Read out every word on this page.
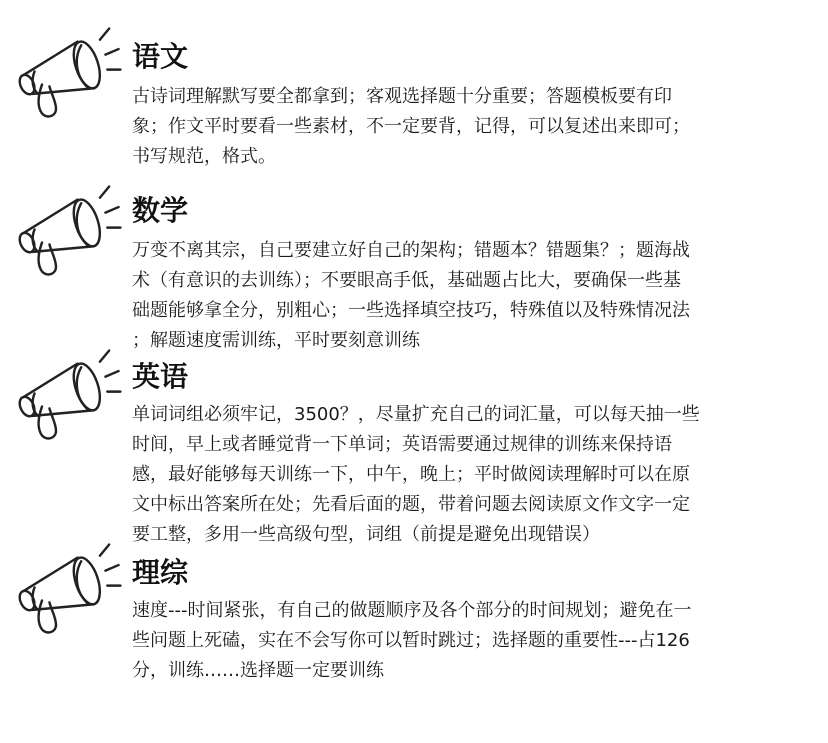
语文

古诗词理解默写要全都拿到；客观选择题十分重要；答题模板要有印
象；作文平时要看一些素材，不一定要背，记得，可以复述出来即可；
书写规范，格式。

数学

万变不离其宗，自己要建立好自己的架构；错题本？错题集？；题海战
术（有意识的去训练）；不要眼高手低，基础题占比大，要确保一些基
础题能够拿全分，别粗心；一些选择填空技巧，特殊值以及特殊情况法
；解题速度需训练，平时要刻意训练

英语

单词词组必须牢记，3500？，尽量扩充自己的词汇量，可以每天抽一些
时间，早上或者睡觉背一下单词；英语需要通过规律的训练来保持语
感，最好能够每天训练一下，中午，晚上；平时做阅读理解时可以在原
文中标出答案所在处；先看后面的题，带着问题去阅读原文作文字一定
要工整，多用一些高级句型，词组（前提是避免出现错误）

理综

速度---时间紧张，有自己的做题顺序及各个部分的时间规划；避免在一
些问题上死磕，实在不会写你可以暂时跳过；选择题的重要性---占126
分，训练……选择题一定要训练
